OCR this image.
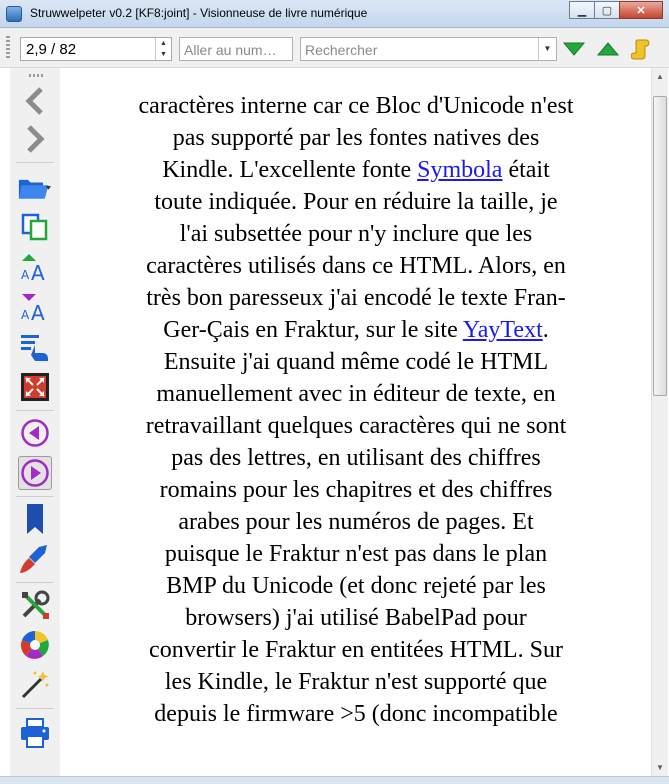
Struwwelpeter v0.2 [KF8:joint] - Visionneuse de livre numérique	▁ ▢ ✕
2,9 / 82	▲
▼ Aller au num… Rechercher	▼
A A
A A

caractères interne car ce Bloc d'Unicode n'est
pas supporté par les fontes natives des
Kindle. L'excellente fonte Symbola était
toute indiquée. Pour en réduire la taille, je
l'ai subsettée pour n'y inclure que les
caractères utilisés dans ce HTML. Alors, en
très bon paresseux j'ai encodé le texte Fran-
Ger-Çais en Fraktur, sur le site YayText.
Ensuite j'ai quand même codé le HTML
manuellement avec in éditeur de texte, en
retravaillant quelques caractères qui ne sont
pas des lettres, en utilisant des chiffres
romains pour les chapitres et des chiffres
arabes pour les numéros de pages. Et
puisque le Fraktur n'est pas dans le plan
BMP du Unicode (et donc rejeté par les
browsers) j'ai utilisé BabelPad pour
convertir le Fraktur en entitées HTML. Sur
les Kindle, le Fraktur n'est supporté que
depuis le firmware >5 (donc incompatible

▲
▼
